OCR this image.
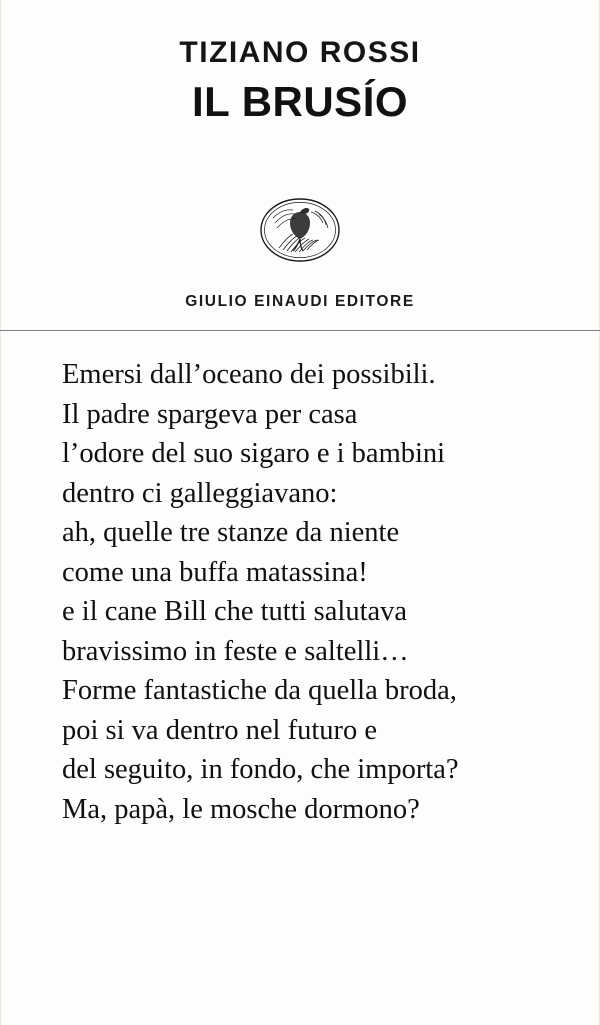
TIZIANO ROSSI
IL BRUSÍO
GIULIO EINAUDI EDITORE
Emersi dall’oceano dei possibili.
Il padre spargeva per casa
l’odore del suo sigaro e i bambini
dentro ci galleggiavano:
ah, quelle tre stanze da niente
come una buffa matassina!
e il cane Bill che tutti salutava
bravissimo in feste e saltelli…
Forme fantastiche da quella broda,
poi si va dentro nel futuro e
del seguito, in fondo, che importa?
Ma, papà, le mosche dormono?
